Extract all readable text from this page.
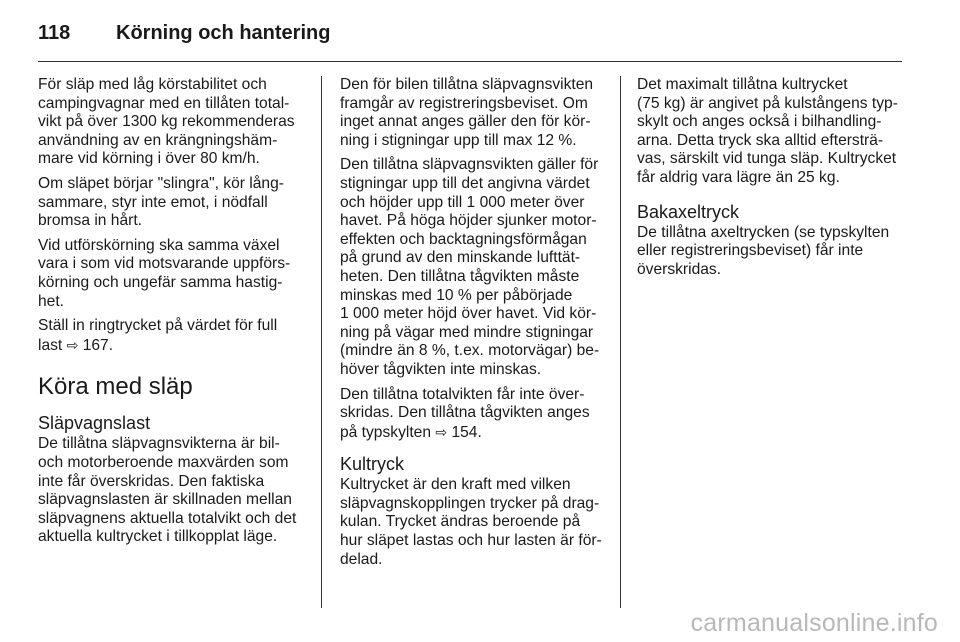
118	Körning och hantering

För släp med låg körstabilitet och
campingvagnar med en tillåten total-
vikt på över 1300 kg rekommenderas
användning av en krängningshäm-
mare vid körning i över 80 km/h.

Om släpet börjar "slingra", kör lång-
sammare, styr inte emot, i nödfall
bromsa in hårt.

Vid utförskörning ska samma växel
vara i som vid motsvarande uppförs-
körning och ungefär samma hastig-
het.

Ställ in ringtrycket på värdet för full
last ⇨ 167.

Köra med släp
Släpvagnslast

De tillåtna släpvagnsvikterna är bil-
och motorberoende maxvärden som
inte får överskridas. Den faktiska
släpvagnslasten är skillnaden mellan
släpvagnens aktuella totalvikt och det
aktuella kultrycket i tillkopplat läge.

Den för bilen tillåtna släpvagnsvikten
framgår av registreringsbeviset. Om
inget annat anges gäller den för kör-
ning i stigningar upp till max 12 %.

Den tillåtna släpvagnsvikten gäller för
stigningar upp till det angivna värdet
och höjder upp till 1 000 meter över
havet. På höga höjder sjunker motor-
effekten och backtagningsförmågan
på grund av den minskande lufttät-
heten. Den tillåtna tågvikten måste
minskas med 10 % per påbörjade
1 000 meter höjd över havet. Vid kör-
ning på vägar med mindre stigningar
(mindre än 8 %, t.ex. motorvägar) be-
höver tågvikten inte minskas.

Den tillåtna totalvikten får inte över-
skridas. Den tillåtna tågvikten anges
på typskylten ⇨ 154.

Kultryck

Kultrycket är den kraft med vilken
släpvagnskopplingen trycker på drag-
kulan. Trycket ändras beroende på
hur släpet lastas och hur lasten är för-
delad.

Det maximalt tillåtna kultrycket
(75 kg) är angivet på kulstångens typ-
skylt och anges också i bilhandling-
arna. Detta tryck ska alltid eftersträ-
vas, särskilt vid tunga släp. Kultrycket
får aldrig vara lägre än 25 kg.

Bakaxeltryck

De tillåtna axeltrycken (se typskylten
eller registreringsbeviset) får inte
överskridas.

carmanualsonline.info
